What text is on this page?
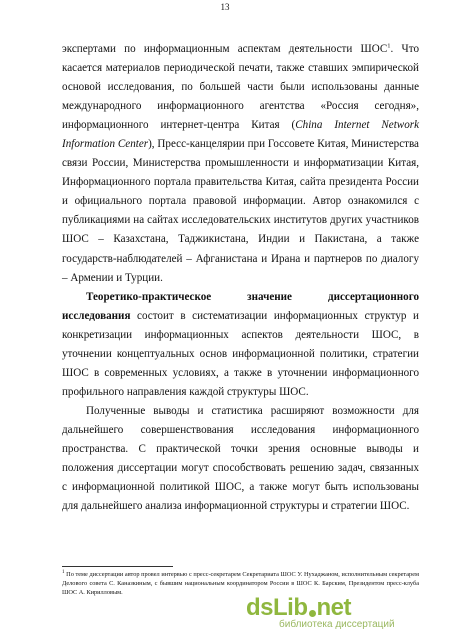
13

экспертами по информационным аспектам деятельности ШОС$^1$. Что касается материалов периодической печати, также ставших эмпирической основой исследования, по большей части были использованы данные международного информационного агентства «Россия сегодня», информационного интернет-центра Китая (China Internet Network Information Center), Пресс-канцелярии при Госсовете Китая, Министерства связи России, Министерства промышленности и информатизации Китая, Информационного портала правительства Китая, сайта президента России и официального портала правовой информации. Автор ознакомился с публикациями на сайтах исследовательских институтов других участников ШОС – Казахстана, Таджикистана, Индии и Пакистана, а также государств-наблюдателей – Афганистана и Ирана и партнеров по диалогу – Армении и Турции.

Теоретико-практическое значение диссертационного исследования состоит в систематизации информационных структур и конкретизации информационных аспектов деятельности ШОС, в уточнении концептуальных основ информационной политики, стратегии ШОС в современных условиях, а также в уточнении информационного профильного направления каждой структуры ШОС.

Полученные выводы и статистика расширяют возможности для дальнейшего совершенствования исследования информационного пространства. С практической точки зрения основные выводы и положения диссертации могут способствовать решению задач, связанных с информационной политикой ШОС, а также могут быть использованы для дальнейшего анализа информационной структуры и стратегии ШОС.

$^1$ По теме диссертации автор провел интервью с пресс-секретарем Секретариата ШОС У. Нухаджаном, исполнительным секретарем Делового совета С. Каназкиным, с бывшим национальным координатором России в ШОС К. Барским, Президентом пресс-клуба ШОС А. Кирилловым.
dsLib net
библиотека диссертаций
